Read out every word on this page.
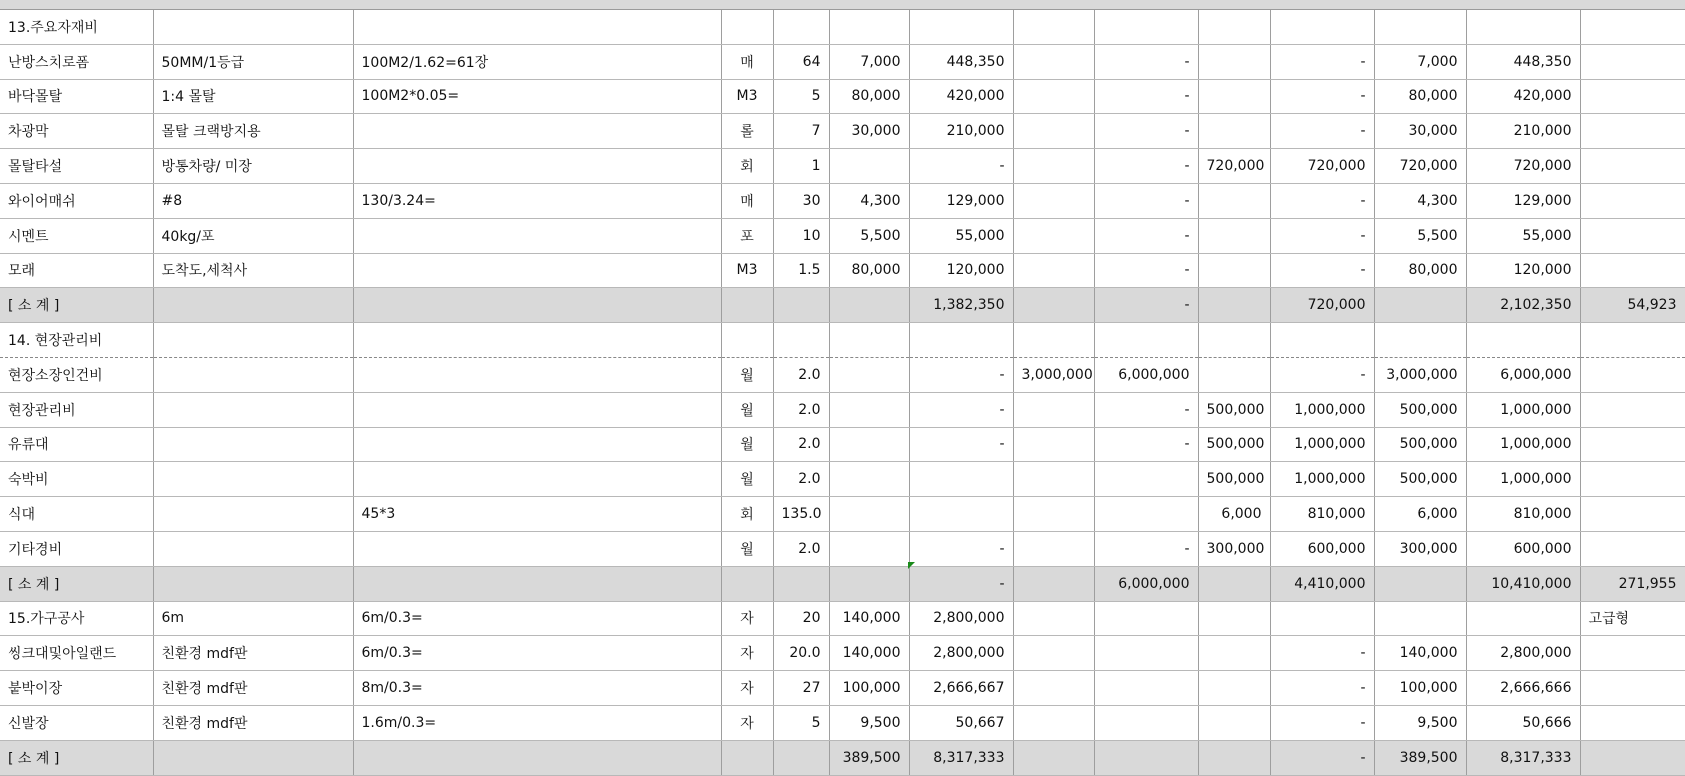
13.주요자재비														
난방스치로폼	50MM/1등급	100M2/1.62=61장	매	64	7,000	448,350		-		-	7,000	448,350		
바닥몰탈	1:4 몰탈	100M2*0.05=	M3	5	80,000	420,000		-		-	80,000	420,000		
차광막	몰탈 크랙방지용		롤	7	30,000	210,000		-		-	30,000	210,000		
몰탈타설	방통차량/ 미장		회	1		-		-	720,000	720,000	720,000	720,000		
와이어매쉬	#8	130/3.24=	매	30	4,300	129,000		-		-	4,300	129,000		
시멘트	40kg/포		포	10	5,500	55,000		-		-	5,500	55,000		
모래	도착도,세척사		M3	1.5	80,000	120,000		-		-	80,000	120,000		
[ 소 계 ]						1,382,350		-		720,000		2,102,350	54,923	
14. 현장관리비														
현장소장인건비			월	2.0		-	3,000,000	6,000,000		-	3,000,000	6,000,000		
현장관리비			월	2.0		-		-	500,000	1,000,000	500,000	1,000,000		
유류대			월	2.0		-		-	500,000	1,000,000	500,000	1,000,000		
숙박비			월	2.0					500,000	1,000,000	500,000	1,000,000		
식대		45*3	회	135.0					6,000	810,000	6,000	810,000		
기타경비			월	2.0		-		-	300,000	600,000	300,000	600,000		
[ 소 계 ]						-		6,000,000		4,410,000		10,410,000	271,955	
15.가구공사	6m	6m/0.3=	자	20	140,000	2,800,000							고급형	
씽크대및아일랜드	친환경 mdf판	6m/0.3=	자	20.0	140,000	2,800,000				-	140,000	2,800,000		
붙박이장	친환경 mdf판	8m/0.3=	자	27	100,000	2,666,667				-	100,000	2,666,666		
신발장	친환경 mdf판	1.6m/0.3=	자	5	9,500	50,667				-	9,500	50,666		
[ 소 계 ]					389,500	8,317,333				-	389,500	8,317,333		
